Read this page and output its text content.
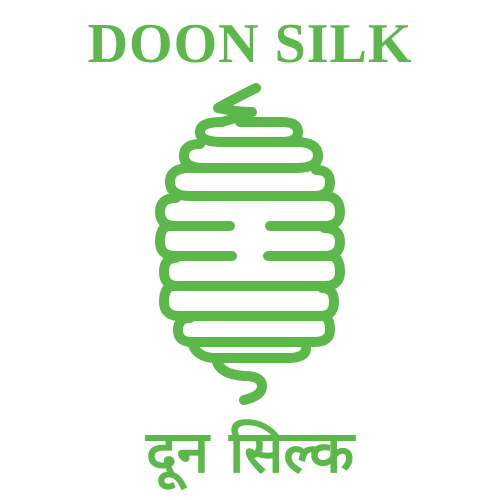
DOON SILK
दून सिल्क
